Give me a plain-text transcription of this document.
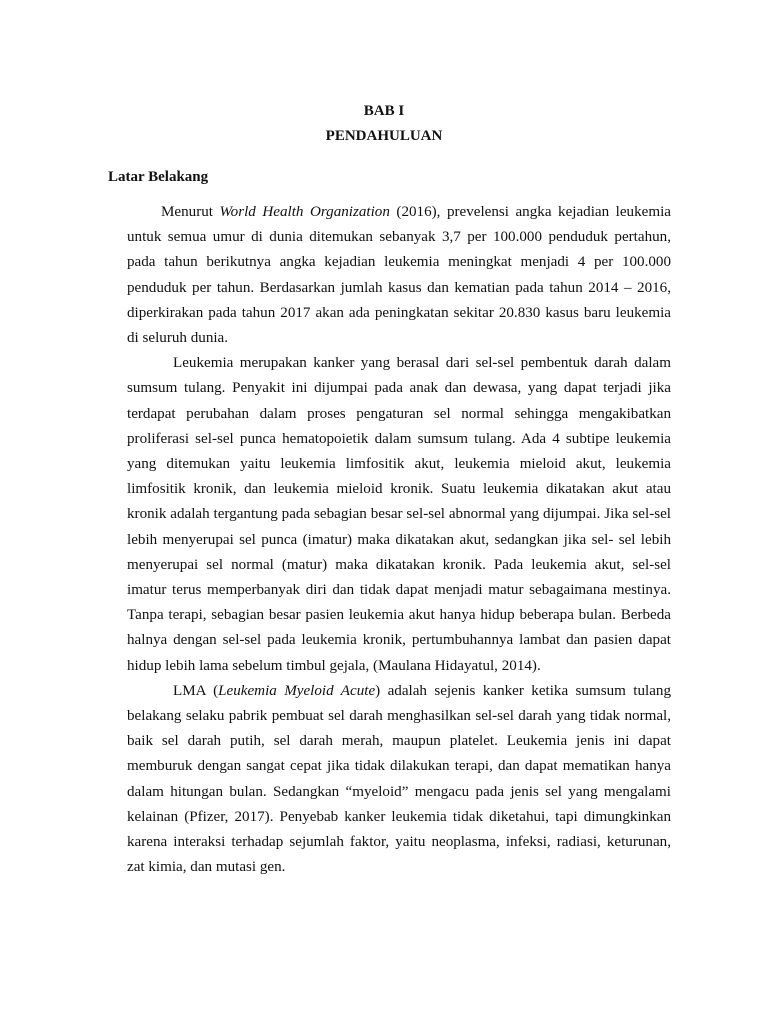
BAB I
PENDAHULUAN
Latar Belakang

Menurut World Health Organization (2016), prevelensi angka kejadian leukemia untuk semua umur di dunia ditemukan sebanyak 3,7 per 100.000 penduduk pertahun, pada tahun berikutnya angka kejadian leukemia meningkat menjadi 4 per 100.000 penduduk per tahun. Berdasarkan jumlah kasus dan kematian pada tahun 2014 – 2016, diperkirakan pada tahun 2017 akan ada peningkatan sekitar 20.830 kasus baru leukemia di seluruh dunia.

Leukemia merupakan kanker yang berasal dari sel-sel pembentuk darah dalam sumsum tulang. Penyakit ini dijumpai pada anak dan dewasa, yang dapat terjadi jika terdapat perubahan dalam proses pengaturan sel normal sehingga mengakibatkan proliferasi sel-sel punca hematopoietik dalam sumsum tulang. Ada 4 subtipe leukemia yang ditemukan yaitu leukemia limfositik akut, leukemia mieloid akut, leukemia limfositik kronik, dan leukemia mieloid kronik. Suatu leukemia dikatakan akut atau kronik adalah tergantung pada sebagian besar sel-sel abnormal yang dijumpai. Jika sel-sel lebih menyerupai sel punca (imatur) maka dikatakan akut, sedangkan jika sel- sel lebih menyerupai sel normal (matur) maka dikatakan kronik. Pada leukemia akut, sel-sel imatur terus memperbanyak diri dan tidak dapat menjadi matur sebagaimana mestinya. Tanpa terapi, sebagian besar pasien leukemia akut hanya hidup beberapa bulan. Berbeda halnya dengan sel-sel pada leukemia kronik, pertumbuhannya lambat dan pasien dapat hidup lebih lama sebelum timbul gejala, (Maulana Hidayatul, 2014).

LMA (Leukemia Myeloid Acute) adalah sejenis kanker ketika sumsum tulang belakang selaku pabrik pembuat sel darah menghasilkan sel-sel darah yang tidak normal, baik sel darah putih, sel darah merah, maupun platelet. Leukemia jenis ini dapat memburuk dengan sangat cepat jika tidak dilakukan terapi, dan dapat mematikan hanya dalam hitungan bulan. Sedangkan “myeloid” mengacu pada jenis sel yang mengalami kelainan (Pfizer, 2017). Penyebab kanker leukemia tidak diketahui, tapi dimungkinkan karena interaksi terhadap sejumlah faktor, yaitu neoplasma, infeksi, radiasi, keturunan, zat kimia, dan mutasi gen.
